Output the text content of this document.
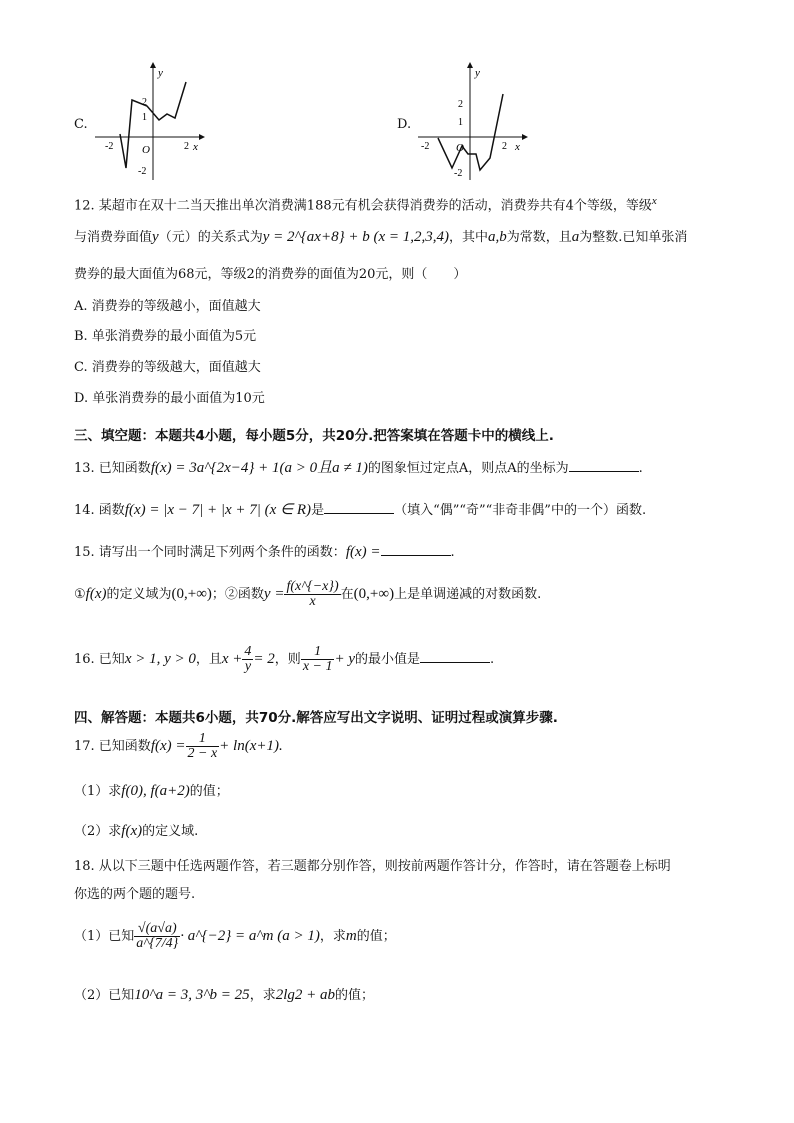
C.
y
x
O
2
1
-2
-2	2
D.
y
x
O
2
1
-2
-2	2
12. 某超市在双十二当天推出单次消费满188元有机会获得消费券的活动，消费券共有4个等级，等级$^x$
与消费券面值y（元）的关系式为y = 2^{ax+8} + b (x = 1,2,3,4)，其中a,b为常数，且a为整数.已知单张消
费券的最大面值为68元，等级2的消费券的面值为20元，则（　　）
A. 消费券的等级越小，面值越大
B. 单张消费券的最小面值为5元
C. 消费券的等级越大，面值越大
D. 单张消费券的最小面值为10元
三、填空题：本题共4小题，每小题5分，共20分.把答案填在答题卡中的横线上.
13. 已知函数f(x) = 3a^{2x−4} + 1(a > 0且a ≠ 1)的图象恒过定点A，则点A的坐标为	.
14. 函数f(x) = |x − 7| + |x + 7| (x ∈ R)是	（填入“偶”“奇”“非奇非偶”中的一个）函数.
15. 请写出一个同时满足下列两个条件的函数：f(x) =	.
①f(x)的定义域为(0,+∞)；②函数$y = \frac{f(x\^{}\{-x\})}{x}$ 在(0,+∞)上是单调递减的对数函数.
16. 已知x > 1, y > 0，且$x + \frac{4}{y} = 2$，则 $\frac{1}{x - 1} + y$的最小值是	.
四、解答题：本题共6小题，共70分.解答应写出文字说明、证明过程或演算步骤.
17. 已知函数$f(x) = \frac{1}{2 - x} + \ln(x+1)$.
（1）求f(0), f(a+2)的值；
（2）求f(x)的定义域.
18. 从以下三题中任选两题作答，若三题都分别作答，则按前两题作答计分，作答时，请在答题卷上标明
你选的两个题的题号.
（1）已知 $\frac{√(a√a)}{a\^{}\{7/4\}}$ · a^{−2} = a^m (a > 1)，求m的值；
（2）已知10^a = 3, 3^b = 25，求2lg2 + ab的值；
